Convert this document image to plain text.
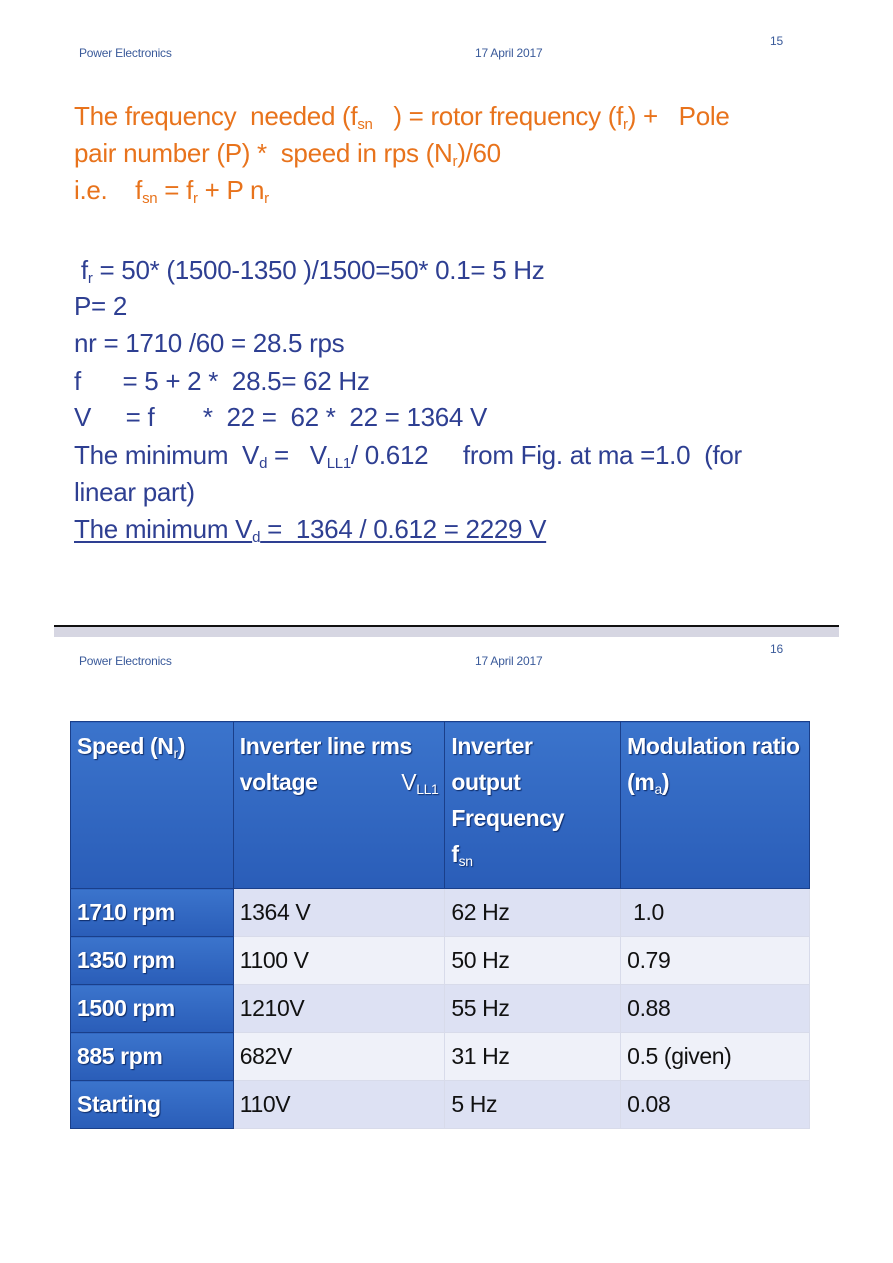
Power Electronics	17 April 2017
15
The frequency  needed ($f_{sn}$   ) = rotor frequency $(f_r)$ +   Pole
pair number (P) *  speed in rps $(N_r)/60$
i.e.    $f_{sn} = f_r + P$ $n_r$
$f_r = 50*$ (1500-1350 )/1500=50* 0.1= 5 Hz
P= 2
nr = 1710 /60 = 28.5 rps
f      = 5 + 2 *  28.5= 62 Hz
V     = f       *  22 =  62 *  22 = 1364 V
The minimum  $V_d = V_{LL1}/$ 0.612     from Fig. at ma =1.0  (for
linear part)
The minimum $V_d = 1364 / 0.612 = 2229$ V
Power Electronics	17 April 2017
16
Speed $(N_r)$	Inverter line rms voltage $V_{LL1}$	Inverter
output
Frequency
$f_{sn}$	Modulation ratio $(m_a)$
1710 rpm	1364 V	62 Hz	1.0
1350 rpm	1100 V	50 Hz	0.79
1500 rpm	1210V	55 Hz	0.88
885 rpm	682V	31 Hz	0.5 (given)
Starting	110V	5 Hz	0.08
